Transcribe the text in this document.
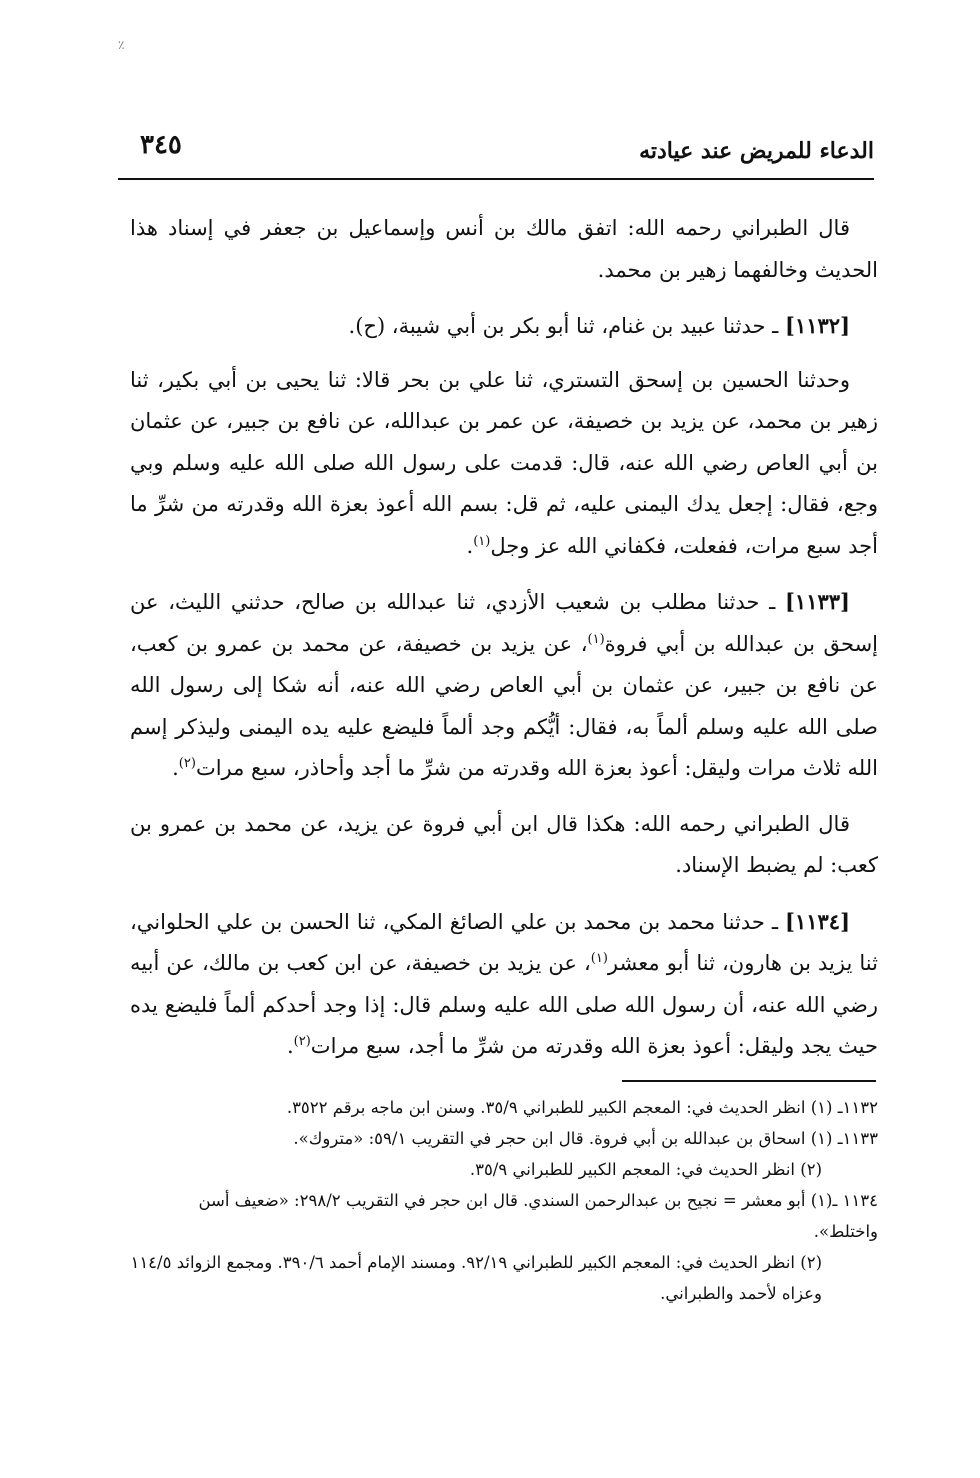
٪
٣٤٥	الدعاء للمريض عند عيادته

قال الطبراني رحمه الله: اتفق مالك بن أنس وإسماعيل بن جعفر في إسناد هذا الحديث وخالفهما زهير بن محمد.

[١١٣٢] ـ حدثنا عبيد بن غنام، ثنا أبو بكر بن أبي شيبة، (ح).

وحدثنا الحسين بن إسحق التستري، ثنا علي بن بحر قالا: ثنا يحيى بن أبي بكير، ثنا زهير بن محمد، عن يزيد بن خصيفة، عن عمر بن عبدالله، عن نافع بن جبير، عن عثمان بن أبي العاص رضي الله عنه، قال: قدمت على رسول الله صلى الله عليه وسلم وبي وجع، فقال: إجعل يدك اليمنى عليه، ثم قل: بسم الله أعوذ بعزة الله وقدرته من شرِّ ما أجد سبع مرات، ففعلت، فكفاني الله عز وجل$^{(١)}$.

[١١٣٣] ـ حدثنا مطلب بن شعيب الأزدي، ثنا عبدالله بن صالح، حدثني الليث، عن إسحق بن عبدالله بن أبي فروة$^{(١)}$، عن يزيد بن خصيفة، عن محمد بن عمرو بن كعب، عن نافع بن جبير، عن عثمان بن أبي العاص رضي الله عنه، أنه شكا إلى رسول الله صلى الله عليه وسلم ألماً به، فقال: أيُّكم وجد ألماً فليضع عليه يده اليمنى وليذكر إسم الله ثلاث مرات وليقل: أعوذ بعزة الله وقدرته من شرِّ ما أجد وأحاذر، سبع مرات$^{(٢)}$.

قال الطبراني رحمه الله: هكذا قال ابن أبي فروة عن يزيد، عن محمد بن عمرو بن كعب: لم يضبط الإسناد.

[١١٣٤] ـ حدثنا محمد بن محمد بن علي الصائغ المكي، ثنا الحسن بن علي الحلواني، ثنا يزيد بن هارون، ثنا أبو معشر$^{(١)}$، عن يزيد بن خصيفة، عن ابن كعب بن مالك، عن أبيه رضي الله عنه، أن رسول الله صلى الله عليه وسلم قال: إذا وجد أحدكم ألماً فليضع يده حيث يجد وليقل: أعوذ بعزة الله وقدرته من شرِّ ما أجد، سبع مرات$^{(٢)}$.

١١٣٢ـ (١) انظر الحديث في: المعجم الكبير للطبراني ٣٥/٩. وسنن ابن ماجه برقم ٣٥٢٢.
١١٣٣ـ (١) اسحاق بن عبدالله بن أبي فروة. قال ابن حجر في التقريب ٥٩/١: «متروك».
(٢) انظر الحديث في: المعجم الكبير للطبراني ٣٥/٩.
١١٣٤ ـ(١) أبو معشر = نجيح بن عبدالرحمن السندي. قال ابن حجر في التقريب ٢٩٨/٢: «ضعيف أسن واختلط».
(٢) انظر الحديث في: المعجم الكبير للطبراني ٩٢/١٩. ومسند الإمام أحمد ٣٩٠/٦. ومجمع الزوائد ١١٤/٥ وعزاه لأحمد والطبراني.
